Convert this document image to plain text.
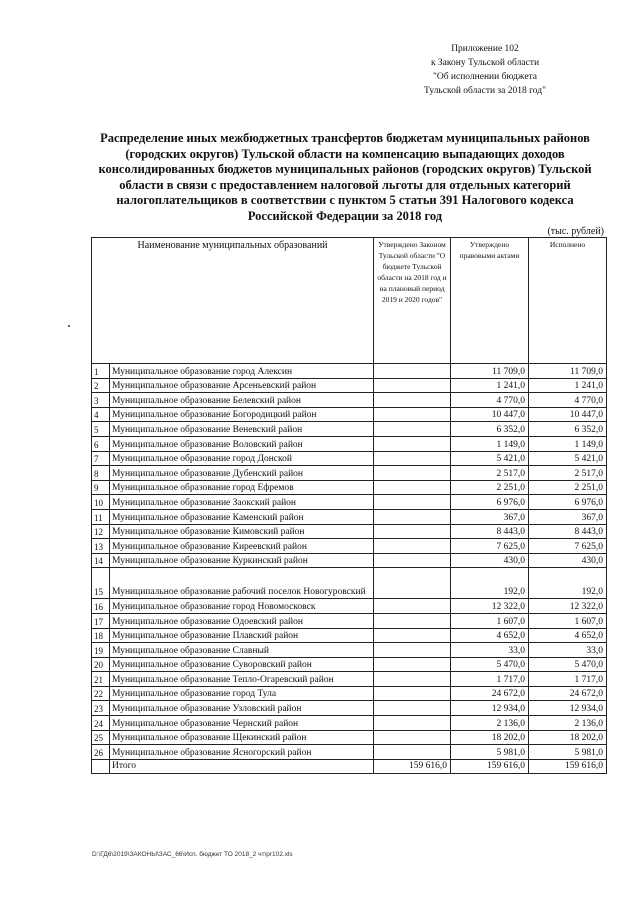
Приложение 102
к Закону Тульской области
"Об исполнении бюджета
Тульской области за 2018 год"
Распределение иных межбюджетных трансфертов бюджетам муниципальных районов (городских округов) Тульской области на компенсацию выпадающих доходов консолидированных бюджетов муниципальных районов (городских округов) Тульской области в связи с предоставлением налоговой льготы для отдельных категорий налогоплательщиков в соответствии с пунктом 5 статьи 391 Налогового кодекса Российской Федерации за 2018 год
(тыс. рублей)
Наименование муниципальных образований		Утверждено Законом Тульской области "О бюджете Тульской области на 2018 год и на плановый период 2019 и 2020 годов"	Утверждено правовыми актами	Исполнено
1	Муниципальное образование город Алексин		11 709,0	11 709,0
2	Муниципальное образование Арсеньевский район		1 241,0	1 241,0
3	Муниципальное образование Белевский район		4 770,0	4 770,0
4	Муниципальное образование Богородицкий район		10 447,0	10 447,0
5	Муниципальное образование Веневский район		6 352,0	6 352,0
6	Муниципальное образование Воловский район		1 149,0	1 149,0
7	Муниципальное образование город Донской		5 421,0	5 421,0
8	Муниципальное образование Дубенский район		2 517,0	2 517,0
9	Муниципальное образование город Ефремов		2 251,0	2 251,0
10	Муниципальное образование Заокский район		6 976,0	6 976,0
11	Муниципальное образование Каменский район		367,0	367,0
12	Муниципальное образование Кимовский район		8 443,0	8 443,0
13	Муниципальное образование Киреевский район		7 625,0	7 625,0
14	Муниципальное образование Куркинский район		430,0	430,0
15	Муниципальное образование рабочий поселок Новогуровский		192,0	192,0
16	Муниципальное образование город Новомосковск		12 322,0	12 322,0
17	Муниципальное образование Одоевский район		1 607,0	1 607,0
18	Муниципальное образование Плавский район		4 652,0	4 652,0
19	Муниципальное образование Славный		33,0	33,0
20	Муниципальное образование Суворовский район		5 470,0	5 470,0
21	Муниципальное образование Тепло-Огаревский район		1 717,0	1 717,0
22	Муниципальное образование город Тула		24 672,0	24 672,0
23	Муниципальное образование Узловский район		12 934,0	12 934,0
24	Муниципальное образование Чернский район		2 136,0	2 136,0
25	Муниципальное образование Щекинский район		18 202,0	18 202,0
26	Муниципальное образование Ясногорский район		5 981,0	5 981,0
	Итого	159 616,0	159 616,0	159 616,0
D:\ГД6\2019\ЗАКОНЫ\ЗАС_66\Исп. бюджет ТО 2018_2 чт\рr102.xls
